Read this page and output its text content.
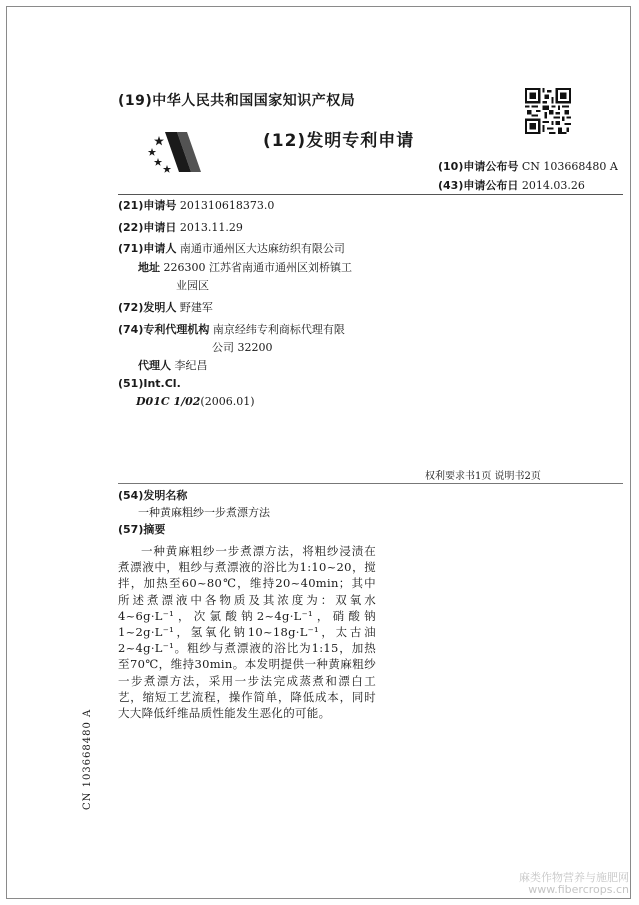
(19)中华人民共和国国家知识产权局
(12)发明专利申请
(10)申请公布号 CN 103668480 A
(43)申请公布日 2014.03.26
(21)申请号 201310618373.0
(22)申请日 2013.11.29
(71)申请人 南通市通州区大达麻纺织有限公司
地址 226300 江苏省南通市通州区刘桥镇工
业园区
(72)发明人 野建军
(74)专利代理机构 南京经纬专利商标代理有限
公司 32200
代理人 李纪昌
(51)Int.Cl.
D01C 1/02(2006.01)
权利要求书1页 说明书2页
(54)发明名称
一种黄麻粗纱一步煮漂方法
(57)摘要

一种黄麻粗纱一步煮漂方法，将粗纱浸渍在煮漂液中，粗纱与煮漂液的浴比为1:10~20，搅拌，加热至60~80℃，维持20~40min；其中所述煮漂液中各物质及其浓度为：双氧水4~6g·L⁻¹，次氯酸钠2~4g·L⁻¹，硝酸钠1~2g·L⁻¹，氢氧化钠10~18g·L⁻¹，太古油2~4g·L⁻¹。粗纱与煮漂液的浴比为1:15，加热至70℃，维持30min。本发明提供一种黄麻粗纱一步煮漂方法，采用一步法完成蒸煮和漂白工艺，缩短工艺流程，操作简单，降低成本，同时大大降低纤维品质性能发生恶化的可能。

CN 103668480 A
麻类作物营养与施肥网
www.fibercrops.cn
